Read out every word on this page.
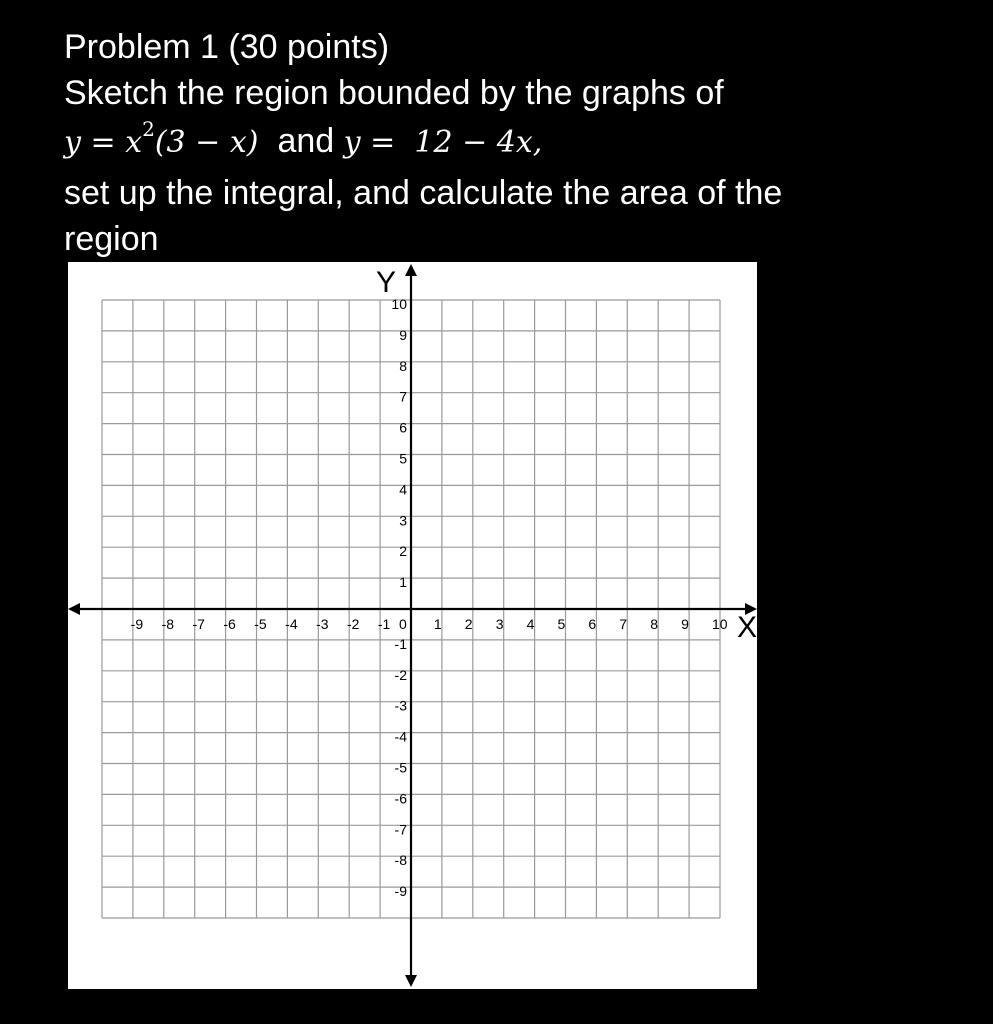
Problem 1 (30 points)
Sketch the region bounded by the graphs of
$y = x^2(3 - x)$ and y = 12 − 4x,
set up the integral, and calculate the area of the
region
X
Y
-9 -8 -7 -6 -5 -4 -3 -2 -1 0 1 2 3 4 5 6 7 8 9 10
10
9
8
7
6
5
4
3
2
1
-1
-2
-3
-4
-5
-6
-7
-8
-9
